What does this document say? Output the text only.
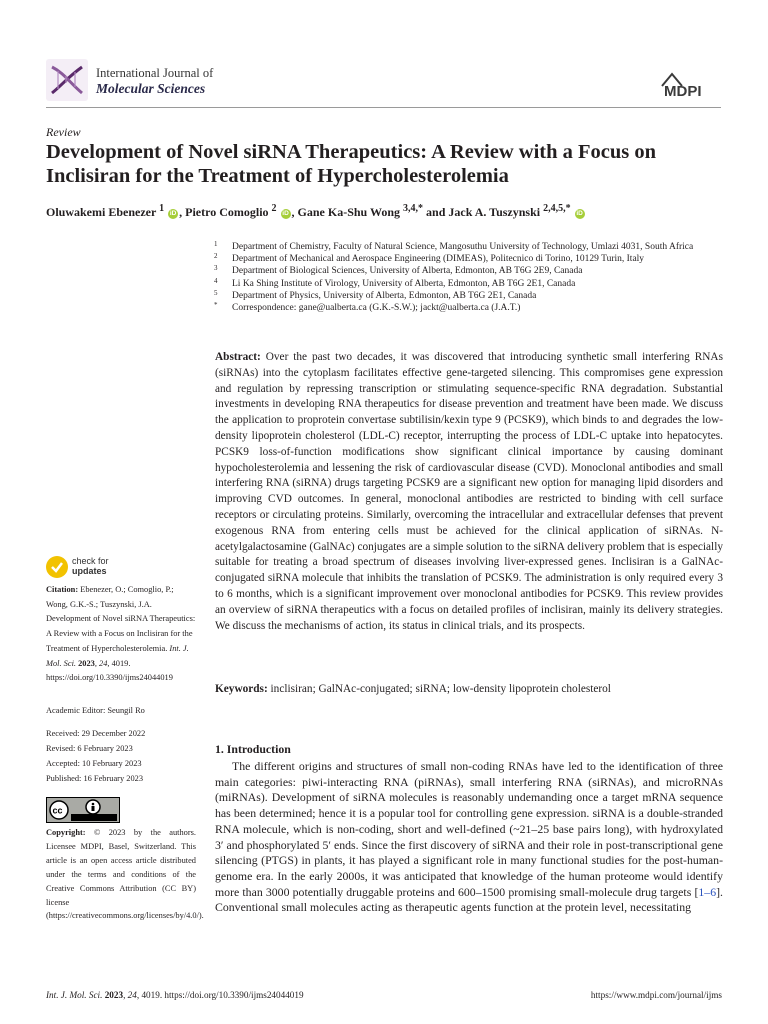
International Journal of
Molecular Sciences	MDPI
Review
Development of Novel siRNA Therapeutics: A Review with a Focus on Inclisiran for the Treatment of Hypercholesterolemia
Oluwakemi Ebenezer $^1$ iD , Pietro Comoglio $^2$ iD , Gane Ka-Shu Wong $^{3,4,*}$ and Jack A. Tuszynski $^{2,4,5,*}$ iD
1 Department of Chemistry, Faculty of Natural Science, Mangosuthu University of Technology, Umlazi 4031, South Africa
2 Department of Mechanical and Aerospace Engineering (DIMEAS), Politecnico di Torino, 10129 Turin, Italy
3 Department of Biological Sciences, University of Alberta, Edmonton, AB T6G 2E9, Canada
4 Li Ka Shing Institute of Virology, University of Alberta, Edmonton, AB T6G 2E1, Canada
5 Department of Physics, University of Alberta, Edmonton, AB T6G 2E1, Canada
* Correspondence: gane@ualberta.ca (G.K.-S.W.); jackt@ualberta.ca (J.A.T.)

Abstract: Over the past two decades, it was discovered that introducing synthetic small interfering RNAs (siRNAs) into the cytoplasm facilitates effective gene-targeted silencing. This compromises gene expression and regulation by repressing transcription or stimulating sequence-specific RNA degradation. Substantial investments in developing RNA therapeutics for disease prevention and treatment have been made. We discuss the application to proprotein convertase subtilisin/kexin type 9 (PCSK9), which binds to and degrades the low-density lipoprotein cholesterol (LDL-C) receptor, interrupting the process of LDL-C uptake into hepatocytes. PCSK9 loss-of-function modifications show significant clinical importance by causing dominant hypocholesterolemia and lessening the risk of cardiovascular disease (CVD). Monoclonal antibodies and small interfering RNA (siRNA) drugs targeting PCSK9 are a significant new option for managing lipid disorders and improving CVD outcomes. In general, monoclonal antibodies are restricted to binding with cell surface receptors or circulating proteins. Similarly, overcoming the intracellular and extracellular defenses that prevent exogenous RNA from entering cells must be achieved for the clinical application of siRNAs. N-acetylgalactosamine (GalNAc) conjugates are a simple solution to the siRNA delivery problem that is especially suitable for treating a broad spectrum of diseases involving liver-expressed genes. Inclisiran is a GalNAc-conjugated siRNA molecule that inhibits the translation of PCSK9. The administration is only required every 3 to 6 months, which is a significant improvement over monoclonal antibodies for PCSK9. This review provides an overview of siRNA therapeutics with a focus on detailed profiles of inclisiran, mainly its delivery strategies. We discuss the mechanisms of action, its status in clinical trials, and its prospects.

Keywords: inclisiran; GalNAc-conjugated; siRNA; low-density lipoprotein cholesterol
1. Introduction

The different origins and structures of small non-coding RNAs have led to the identification of three main categories: piwi-interacting RNA (piRNAs), small interfering RNA (siRNAs), and microRNAs (miRNAs). Development of siRNA molecules is reasonably undemanding once a target mRNA sequence has been determined; hence it is a popular tool for controlling gene expression. siRNA is a double-stranded RNA molecule, which is non-coding, short and well-defined (~21–25 base pairs long), with hydroxylated 3′ and phosphorylated 5′ ends. Since the first discovery of siRNA and their role in post-transcriptional gene silencing (PTGS) in plants, it has played a significant role in many functional studies for the post-human-genome era. In the early 2000s, it was anticipated that knowledge of the human proteome would identify more than 3000 potentially druggable proteins and 600–1500 promising small-molecule drug targets [1–6]. Conventional small molecules acting as therapeutic agents function at the protein level, necessitating

check for
updates
Citation: Ebenezer, O.; Comoglio, P.; Wong, G.K.-S.; Tuszynski, J.A. Development of Novel siRNA Therapeutics: A Review with a Focus on Inclisiran for the Treatment of Hypercholesterolemia. Int. J. Mol. Sci. 2023, 24, 4019. https://doi.org/10.3390/ijms24044019
Academic Editor: Seungil Ro
Received: 29 December 2022
Revised: 6 February 2023
Accepted: 10 February 2023
Published: 16 February 2023
cc
Copyright: © 2023 by the authors. Licensee MDPI, Basel, Switzerland. This article is an open access article distributed under the terms and conditions of the Creative Commons Attribution (CC BY) license (https://creativecommons.org/licenses/by/4.0/).
Int. J. Mol. Sci. 2023, 24, 4019. https://doi.org/10.3390/ijms24044019	https://www.mdpi.com/journal/ijms
